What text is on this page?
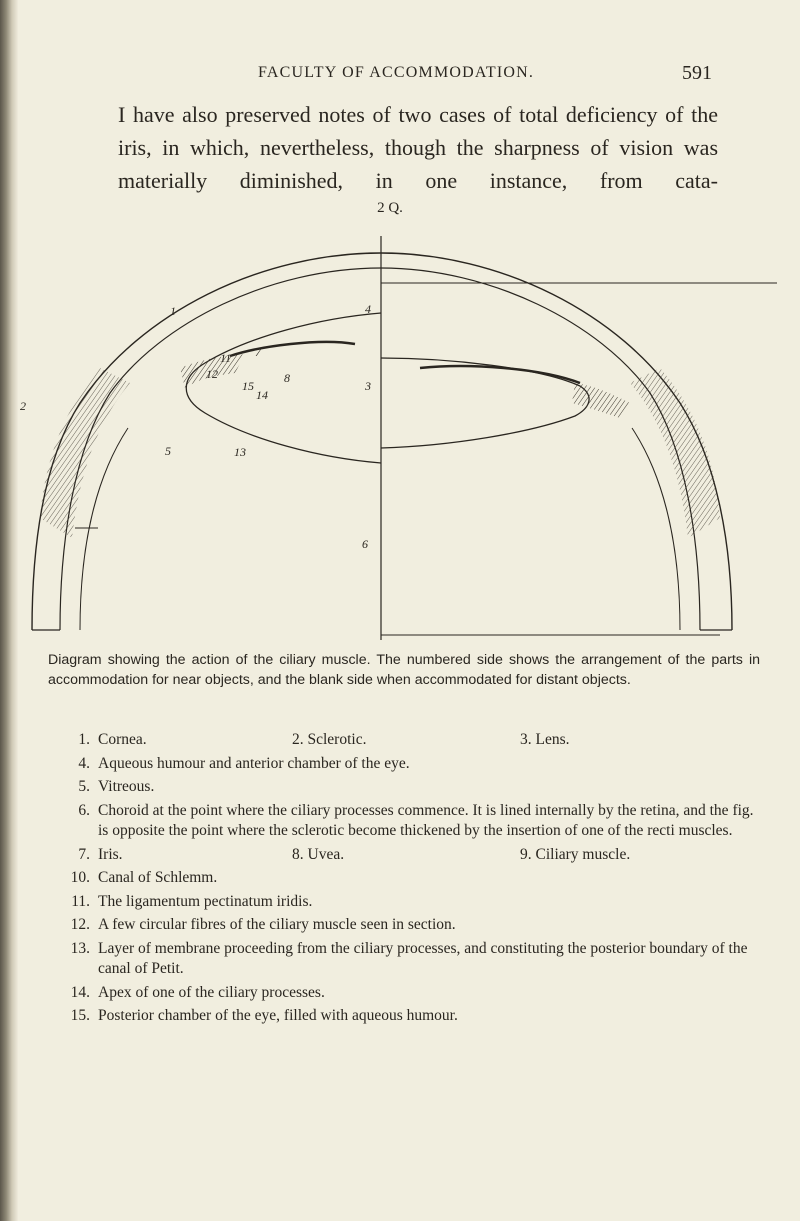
FACULTY OF ACCOMMODATION.	591

I have also preserved notes of two cases of total deficiency of the iris, in which, nevertheless, though the sharpness of vision was materially diminished, in one instance, from cata-

2 Q.
1
2
3
4
5
6
7
8
11
12
13
14
15
Diagram showing the action of the ciliary muscle. The numbered side shows the arrangement of the parts in accommodation for near objects, and the blank side when accommodated for distant objects.
1. Cornea.	2. Sclerotic.	3. Lens.
4. Aqueous humour and anterior chamber of the eye.
5. Vitreous.
6. Choroid at the point where the ciliary processes commence. It is lined internally by the retina, and the fig. is opposite the point where the sclerotic become thickened by the insertion of one of the recti muscles.
7. Iris.	8. Uvea.	9. Ciliary muscle.
10. Canal of Schlemm.
11. The ligamentum pectinatum iridis.
12. A few circular fibres of the ciliary muscle seen in section.
13. Layer of membrane proceeding from the ciliary processes, and constituting the posterior boundary of the canal of Petit.
14. Apex of one of the ciliary processes.
15. Posterior chamber of the eye, filled with aqueous humour.
